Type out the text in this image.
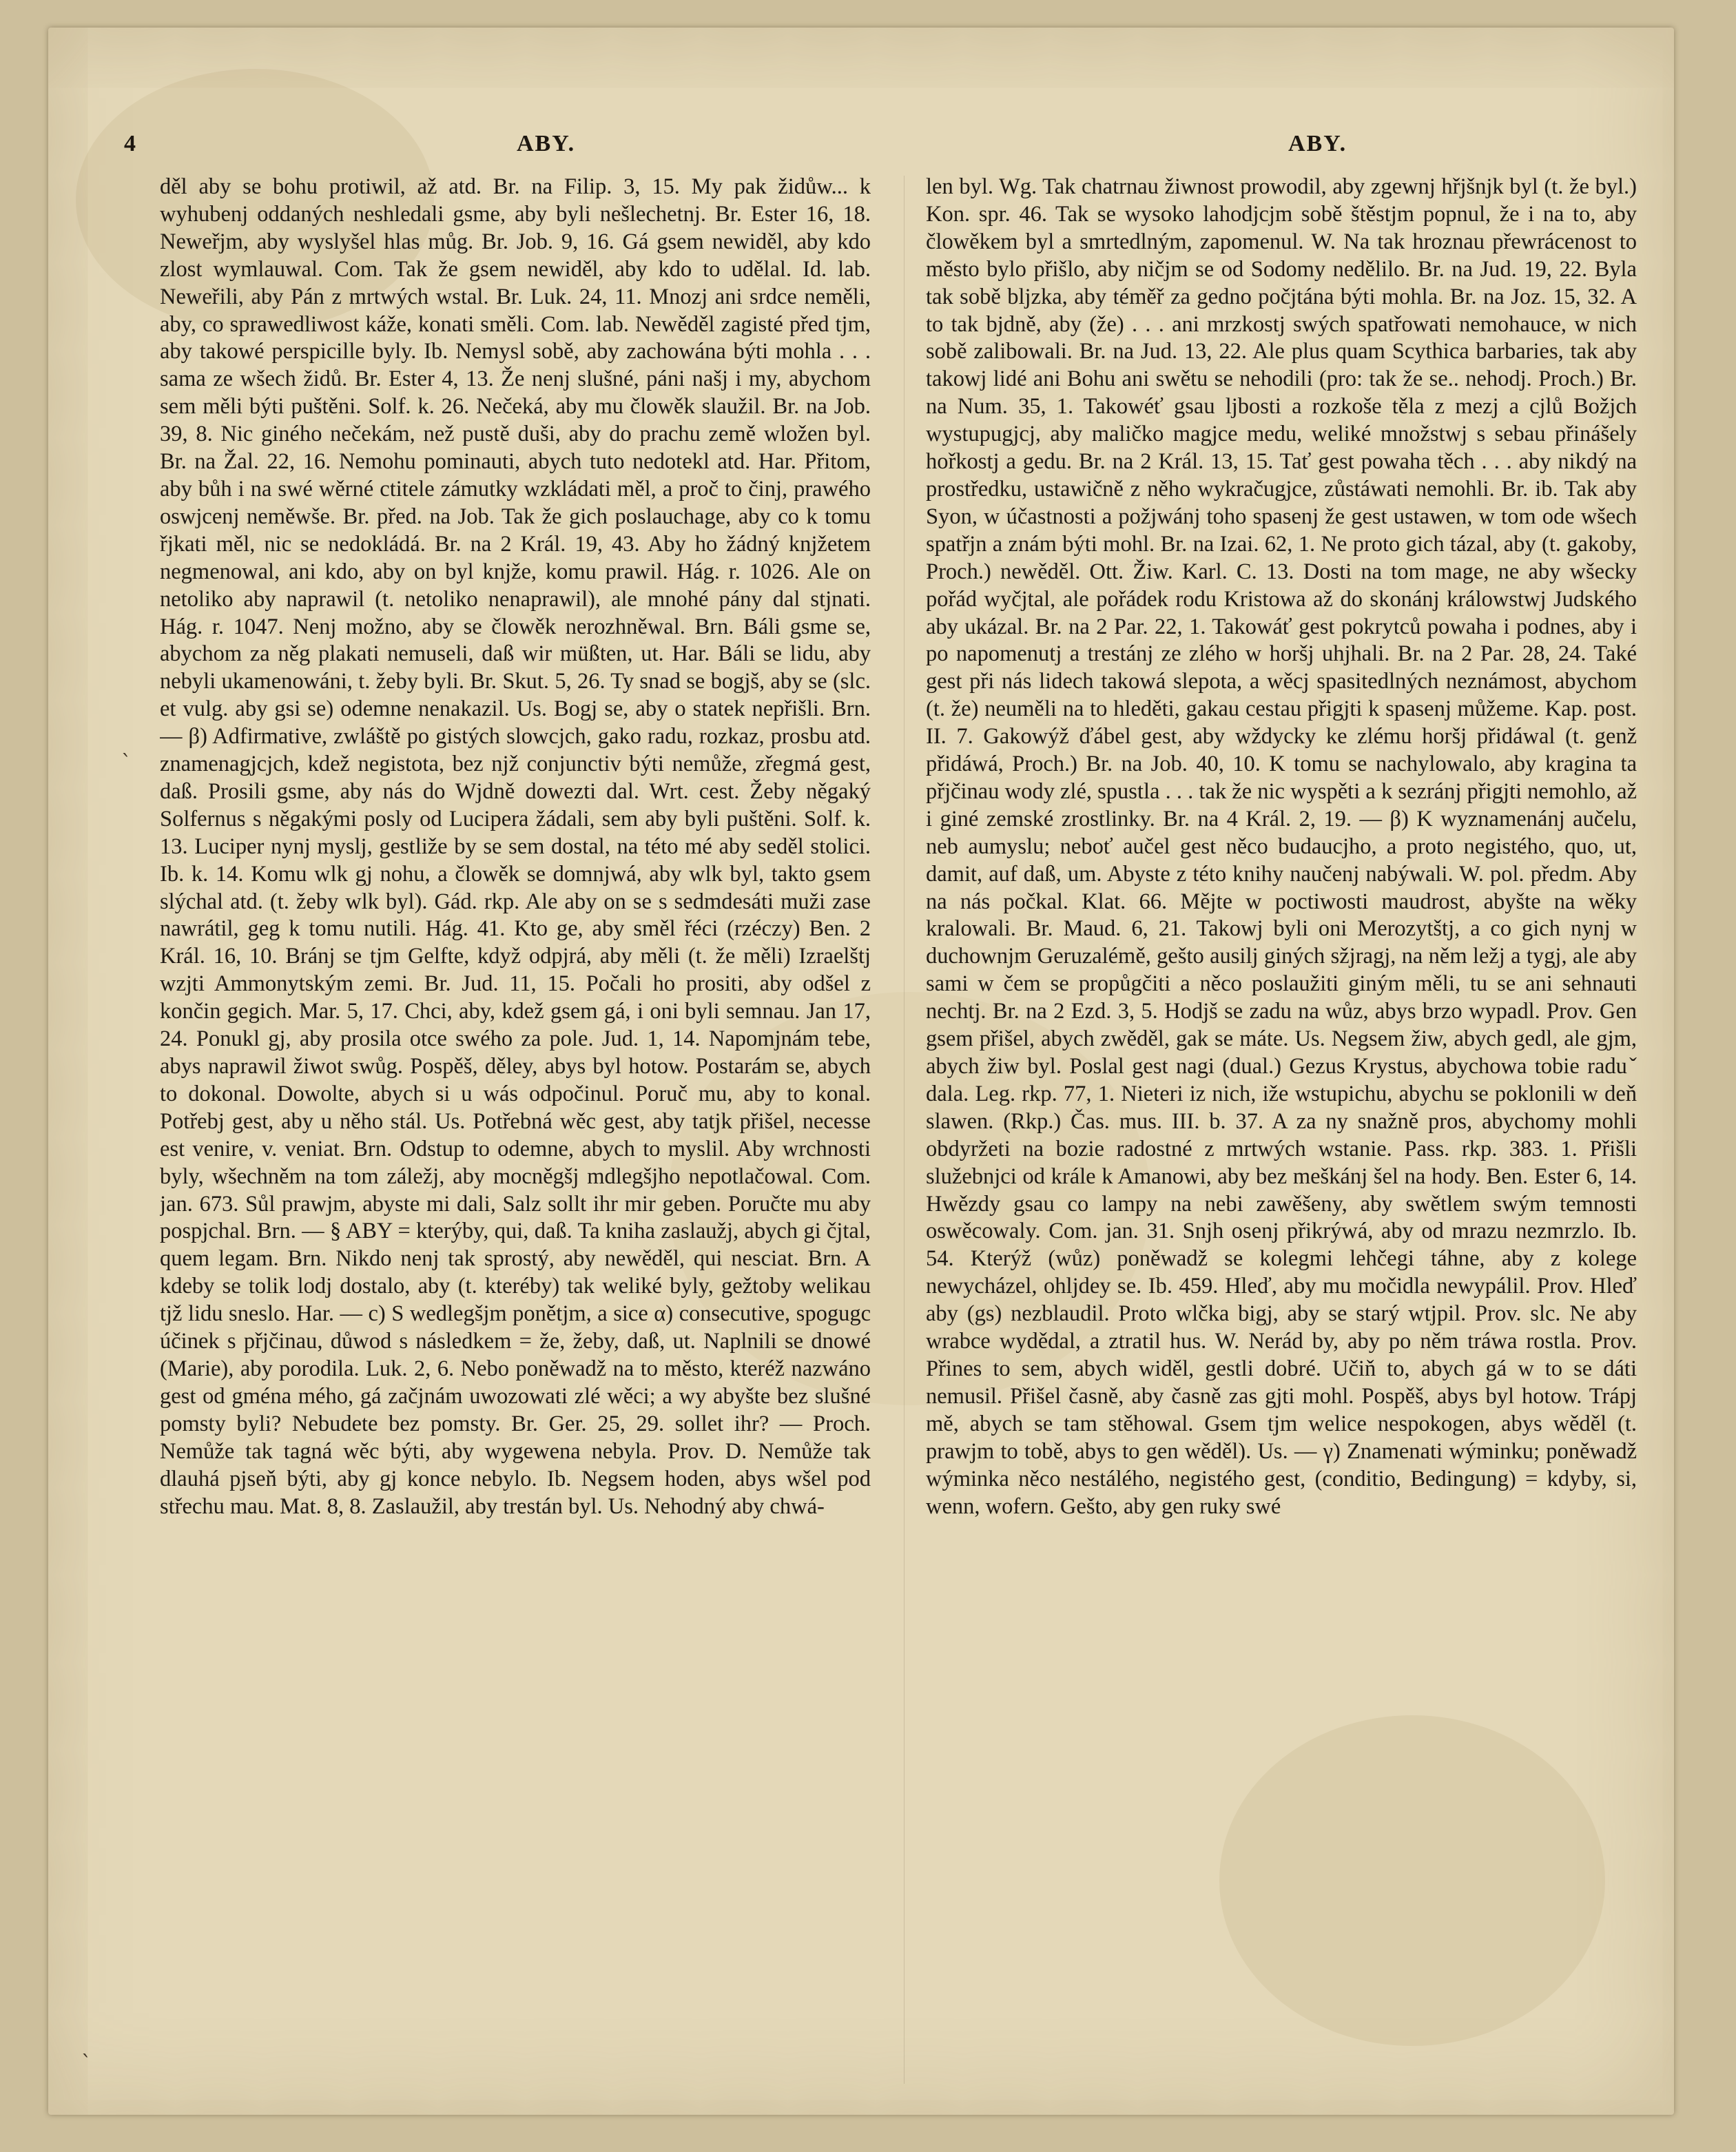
4	ABY.	ABY.

děl aby se bohu protiwil, až atd. Br. na Filip. 3, 15. My pak židůw... k wyhubenj oddaných neshledali gsme, aby byli nešlechetnj. Br. Ester 16, 18. Neweřjm, aby wyslyšel hlas můg. Br. Job. 9, 16. Gá gsem newiděl, aby kdo zlost wymlauwal. Com. Tak že gsem newiděl, aby kdo to udělal. Id. lab. Neweřili, aby Pán z mrtwých wstal. Br. Luk. 24, 11. Mnozj ani srdce neměli, aby, co sprawedliwost káže, konati směli. Com. lab. Newěděl zagisté před tjm, aby takowé perspicille byly. Ib. Nemysl sobě, aby zachowána býti mohla . . . sama ze wšech židů. Br. Ester 4, 13. Že nenj slušné, páni našj i my, abychom sem měli býti puštěni. Solf. k. 26. Nečeká, aby mu člowěk slaužil. Br. na Job. 39, 8. Nic giného nečekám, než pustě duši, aby do prachu země wložen byl. Br. na Žal. 22, 16. Nemohu pominauti, abych tuto nedotekl atd. Har. Přitom, aby bůh i na swé wěrné ctitele zámutky wzkládati měl, a proč to činj, prawého oswjcenj neměwše. Br. před. na Job. Tak že gich poslauchage, aby co k tomu řjkati měl, nic se nedokládá. Br. na 2 Král. 19, 43. Aby ho žádný knjžetem negmenowal, ani kdo, aby on byl knjže, komu prawil. Hág. r. 1026. Ale on netoliko aby naprawil (t. netoliko nenaprawil), ale mnohé pány dal stjnati. Hág. r. 1047. Nenj možno, aby se člowěk nerozhněwal. Brn. Báli gsme se, abychom za něg plakati nemuseli, daß wir müßten, ut. Har. Báli se lidu, aby nebyli ukamenowáni, t. žeby byli. Br. Skut. 5, 26. Ty snad se bogjš, aby se (slc. et vulg. aby gsi se) odemne nenakazil. Us. Bogj se, aby o statek nepřišli. Brn. — β) Adfirmative, zwláště po gistých slowcjch, gako radu, rozkaz, prosbu atd. znamenagjcjch, kdež negistota, bez njž conjunctiv býti nemůže, zřegmá gest, daß. Prosili gsme, aby nás do Wjdně dowezti dal. Wrt. cest. Žeby něgaký Solfernus s něgakými posly od Lucipera žádali, sem aby byli puštěni. Solf. k. 13. Luciper nynj myslj, gestliže by se sem dostal, na této mé aby seděl stolici. Ib. k. 14. Komu wlk gj nohu, a člowěk se domnjwá, aby wlk byl, takto gsem slýchal atd. (t. žeby wlk byl). Gád. rkp. Ale aby on se s sedmdesáti muži zase nawrátil, geg k tomu nutili. Hág. 41. Kto ge, aby směl řéci (rzéczy) Ben. 2 Král. 16, 10. Bránj se tjm Gelfte, když odpjrá, aby měli (t. že měli) Izraelštj wzjti Ammonytským zemi. Br. Jud. 11, 15. Počali ho prositi, aby odšel z končin gegich. Mar. 5, 17. Chci, aby, kdež gsem gá, i oni byli semnau. Jan 17, 24. Ponukl gj, aby prosila otce swého za pole. Jud. 1, 14. Napomjnám tebe, abys naprawil žiwot swůg. Pospěš, děley, abys byl hotow. Postarám se, abych to dokonal. Dowolte, abych si u wás odpočinul. Poruč mu, aby to konal. Potřebj gest, aby u něho stál. Us. Potřebná wěc gest, aby tatjk přišel, necesse est venire, v. veniat. Brn. Odstup to odemne, abych to myslil. Aby wrchnosti byly, wšechněm na tom záležj, aby mocněgšj mdlegšjho nepotlačowal. Com. jan. 673. Sůl prawjm, abyste mi dali, Salz sollt ihr mir geben. Poručte mu aby pospjchal. Brn. — § ABY = kterýby, qui, daß. Ta kniha zaslaužj, abych gi čjtal, quem legam. Brn. Nikdo nenj tak sprostý, aby newěděl, qui nesciat. Brn. A kdeby se tolik lodj dostalo, aby (t. kteréby) tak weliké byly, gežtoby welikau tjž lidu sneslo. Har. — c) S wedlegšjm ponětjm, a sice α) consecutive, spogugc účinek s přjčinau, důwod s následkem = že, žeby, daß, ut. Naplnili se dnowé (Marie), aby porodila. Luk. 2, 6. Nebo poněwadž na to město, kteréž nazwáno gest od gména mého, gá začjnám uwozowati zlé wěci; a wy abyšte bez slušné pomsty byli? Nebudete bez pomsty. Br. Ger. 25, 29. sollet ihr? — Proch. Nemůže tak tagná wěc býti, aby wygewena nebyla. Prov. D. Nemůže tak dlauhá pjseň býti, aby gj konce nebylo. Ib. Negsem hoden, abys wšel pod střechu mau. Mat. 8, 8. Zaslaužil, aby trestán byl. Us. Nehodný aby chwá-

len byl. Wg. Tak chatrnau žiwnost prowodil, aby zgewnj hřjšnjk byl (t. že byl.) Kon. spr. 46. Tak se wysoko lahodjcjm sobě štěstjm popnul, že i na to, aby člowěkem byl a smrtedlným, zapomenul. W. Na tak hroznau přewrácenost to město bylo přišlo, aby ničjm se od Sodomy nedělilo. Br. na Jud. 19, 22. Byla tak sobě bljzka, aby téměř za gedno počjtána býti mohla. Br. na Joz. 15, 32. A to tak bjdně, aby (že) . . . ani mrzkostj swých spatřowati nemohauce, w nich sobě zalibowali. Br. na Jud. 13, 22. Ale plus quam Scythica barbaries, tak aby takowj lidé ani Bohu ani swětu se nehodili (pro: tak že se.. nehodj. Proch.) Br. na Num. 35, 1. Takowéť gsau ljbosti a rozkoše těla z mezj a cjlů Božjch wystupugjcj, aby maličko magjce medu, weliké množstwj s sebau přinášely hořkostj a gedu. Br. na 2 Král. 13, 15. Tať gest powaha těch . . . aby nikdý na prostředku, ustawičně z něho wykračugjce, zůstáwati nemohli. Br. ib. Tak aby Syon, w účastnosti a požjwánj toho spasenj že gest ustawen, w tom ode wšech spatřjn a znám býti mohl. Br. na Izai. 62, 1. Ne proto gich tázal, aby (t. gakoby, Proch.) newěděl. Ott. Žiw. Karl. C. 13. Dosti na tom mage, ne aby wšecky pořád wyčjtal, ale pořádek rodu Kristowa až do skonánj králowstwj Judského aby ukázal. Br. na 2 Par. 22, 1. Takowáť gest pokrytců powaha i podnes, aby i po napomenutj a trestánj ze zlého w horšj uhjhali. Br. na 2 Par. 28, 24. Také gest při nás lidech takowá slepota, a wěcj spasitedlných neznámost, abychom (t. že) neuměli na to hleděti, gakau cestau přigjti k spasenj můžeme. Kap. post. II. 7. Gakowýž ďábel gest, aby wždycky ke zlému horšj přidáwal (t. genž přidáwá, Proch.) Br. na Job. 40, 10. K tomu se nachylowalo, aby kragina ta přjčinau wody zlé, spustla . . . tak že nic wyspěti a k sezránj přigjti nemohlo, až i giné zemské zrostlinky. Br. na 4 Král. 2, 19. — β) K wyznamenánj aučelu, neb aumyslu; neboť aučel gest něco budaucjho, a proto negistého, quo, ut, damit, auf daß, um. Abyste z této knihy naučenj nabýwali. W. pol. předm. Aby na nás počkal. Klat. 66. Mějte w poctiwosti maudrost, abyšte na wěky kralowali. Br. Maud. 6, 21. Takowj byli oni Merozytštj, a co gich nynj w duchownjm Geruzalémě, gešto ausilj giných sžjragj, na něm ležj a tygj, ale aby sami w čem se propůgčiti a něco poslaužiti giným měli, tu se ani sehnauti nechtj. Br. na 2 Ezd. 3, 5. Hodjš se zadu na wůz, abys brzo wypadl. Prov. Gen gsem přišel, abych zwěděl, gak se máte. Us. Negsem žiw, abych gedl, ale gjm, abych žiw byl. Poslal gest nagi (dual.) Gezus Krystus, abychowa tobie raduˇ dala. Leg. rkp. 77, 1. Nieteri iz nich, iže wstupichu, abychu se poklonili w deň slawen. (Rkp.) Čas. mus. III. b. 37. A za ny snažně pros, abychomy mohli obdyržeti na bozie radostné z mrtwých wstanie. Pass. rkp. 383. 1. Přišli služebnjci od krále k Amanowi, aby bez meškánj šel na hody. Ben. Ester 6, 14. Hwězdy gsau co lampy na nebi zawěšeny, aby swětlem swým temnosti oswěcowaly. Com. jan. 31. Snjh osenj přikrýwá, aby od mrazu nezmrzlo. Ib. 54. Kterýž (wůz) poněwadž se kolegmi lehčegi táhne, aby z kolege newycházel, ohljdey se. Ib. 459. Hleď, aby mu močidla newypálil. Prov. Hleď aby (gs) nezblaudil. Proto wlčka bigj, aby se starý wtjpil. Prov. slc. Ne aby wrabce wydědal, a ztratil hus. W. Nerád by, aby po něm tráwa rostla. Prov. Přines to sem, abych widěl, gestli dobré. Učiň to, abych gá w to se dáti nemusil. Přišel časně, aby časně zas gjti mohl. Pospěš, abys byl hotow. Trápj mě, abych se tam stěhowal. Gsem tjm welice nespokogen, abys wěděl (t. prawjm to tobě, abys to gen wěděl). Us. — γ) Znamenati wýminku; poněwadž wýminka něco nestálého, negistého gest, (conditio, Bedingung) = kdyby, si, wenn, wofern. Gešto, aby gen ruky swé

ˋ
ˋ
